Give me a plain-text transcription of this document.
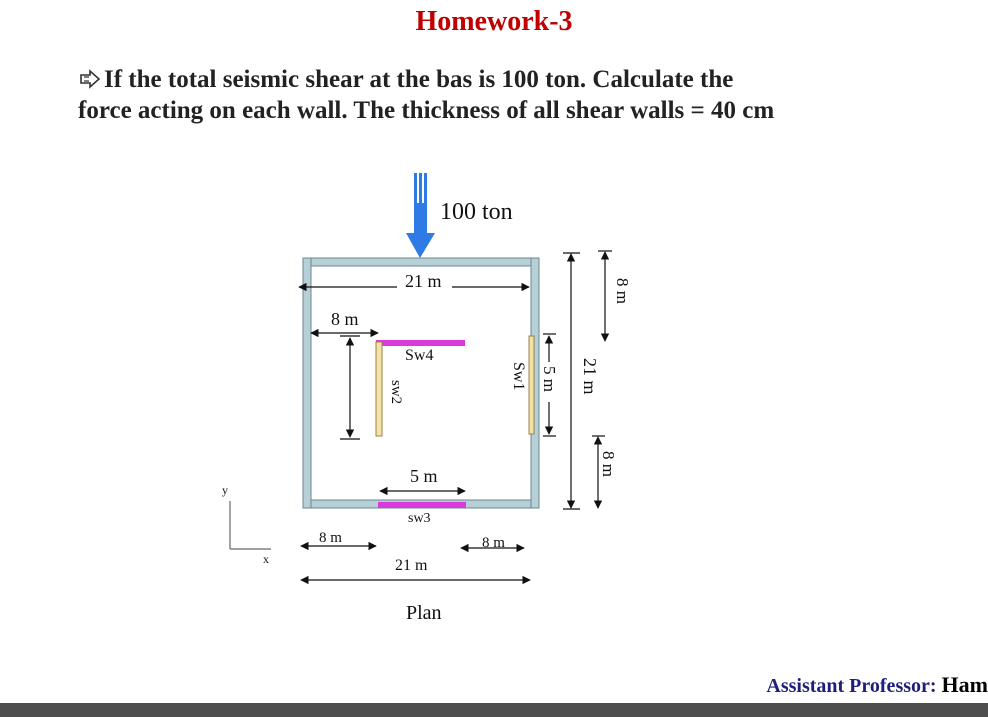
Homework-3
If the total seismic shear at the bas is 100 ton. Calculate the
force acting on each wall. The thickness of all shear walls = 40 cm
100 ton
Sw4
sw2
sw3
Sw1
21 m
8 m
5 m
8 m	8 m
21 m
5 m 21 m
8 m
8 m
y
x
Plan
Assistant Professor: Ham
